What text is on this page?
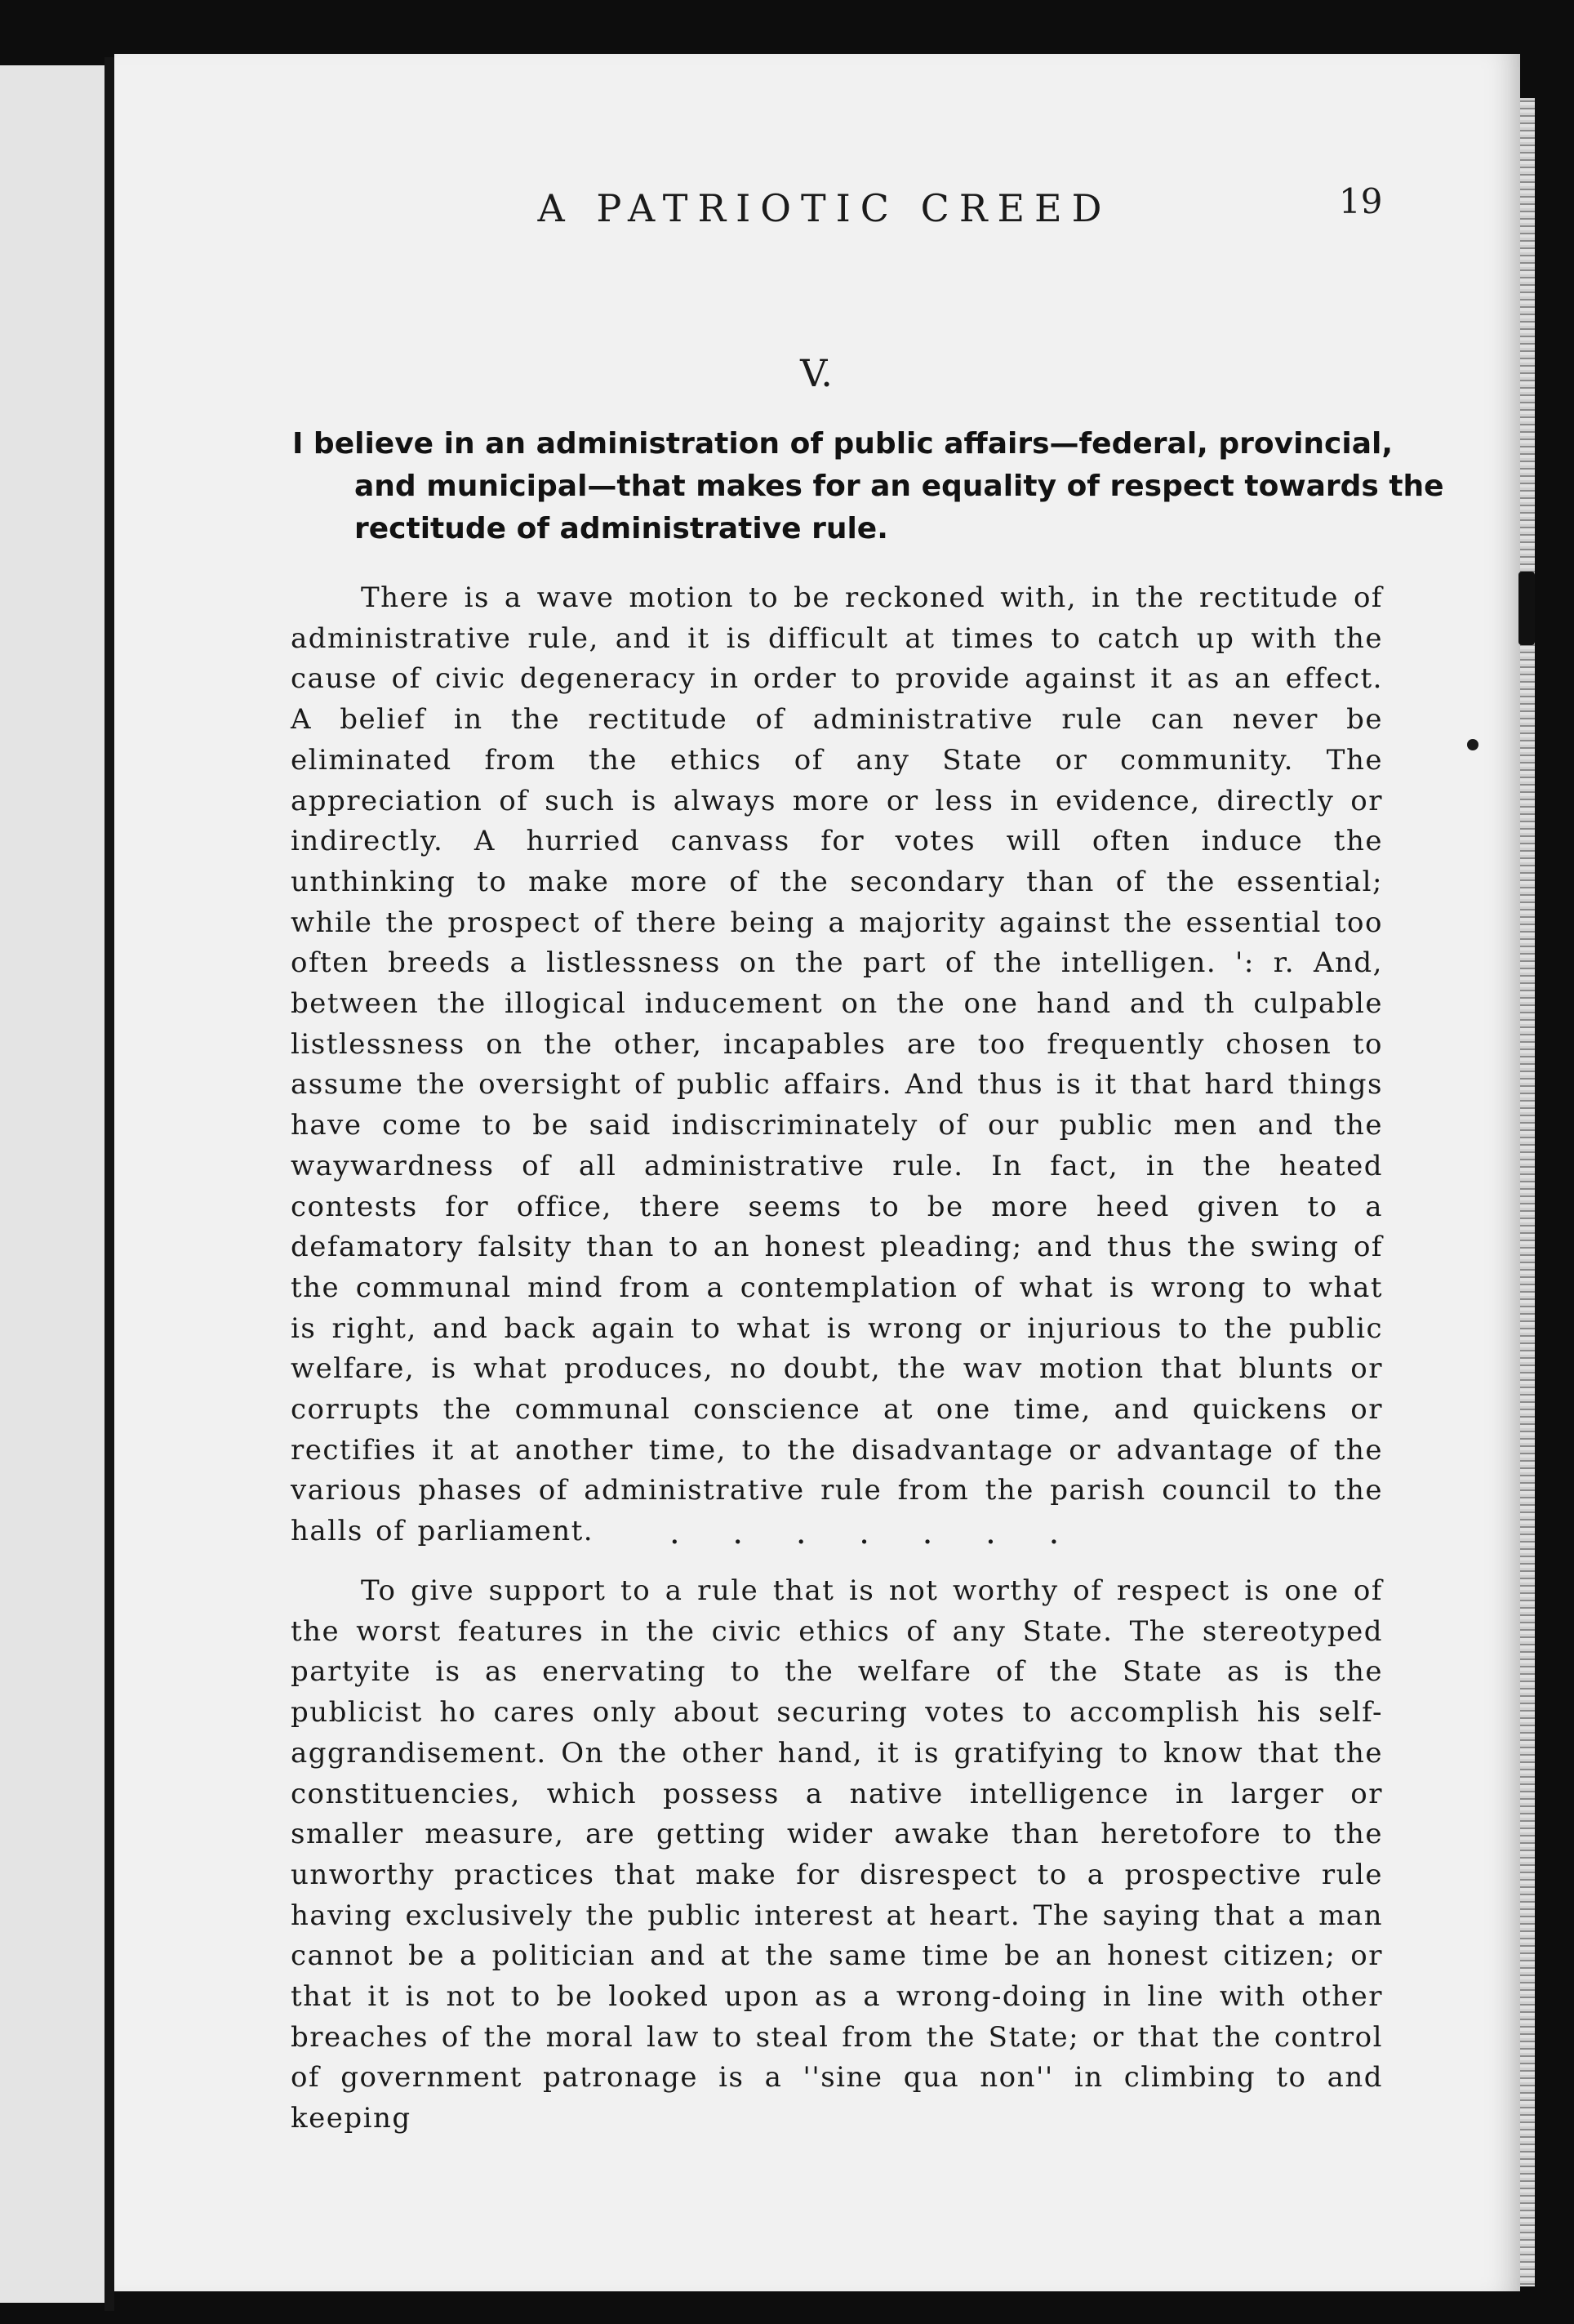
A PATRIOTIC CREED	19
V.
I believe in an administration of public affairs—federal, provincial, and municipal—that makes for an equality of respect towards the rectitude of administrative rule.

There is a wave motion to be reckoned with, in the rectitude of administrative rule, and it is difficult at times to catch up with the cause of civic degeneracy in order to provide against it as an effect. A belief in the rectitude of administrative rule can never be eliminated from the ethics of any State or community. The appreciation of such is always more or less in evidence, directly or indirectly. A hurried canvass for votes will often induce the unthinking to make more of the secondary than of the essential; while the prospect of there being a majority against the essential too often breeds a listlessness on the part of the intelligen. ': r. And, between the illogical inducement on the one hand and th culpable listlessness on the other, incapables are too frequently chosen to assume the oversight of public affairs. And thus is it that hard things have come to be said indiscriminately of our public men and the waywardness of all administrative rule. In fact, in the heated contests for office, there seems to be more heed given to a defamatory falsity than to an honest pleading; and thus the swing of the communal mind from a contemplation of what is wrong to what is right, and back again to what is wrong or injurious to the public welfare, is what produces, no doubt, the wav motion that blunts or corrupts the communal conscience at one time, and quickens or rectifies it at another time, to the disadvantage or advantage of the various phases of administrative rule from the parish council to the halls of parliament.	· · · · · · ·

To give support to a rule that is not worthy of respect is one of the worst features in the civic ethics of any State. The stereotyped partyite is as enervating to the welfare of the State as is the publicist ho cares only about securing votes to accomplish his self-aggrandisement. On the other hand, it is gratifying to know that the constituencies, which possess a native intelligence in larger or smaller measure, are getting wider awake than heretofore to the unworthy practices that make for disrespect to a prospective rule having exclusively the public interest at heart. The saying that a man cannot be a politician and at the same time be an honest citizen; or that it is not to be looked upon as a wrong-doing in line with other breaches of the moral law to steal from the State; or that the control of government patronage is a ''sine qua non'' in climbing to and keeping
